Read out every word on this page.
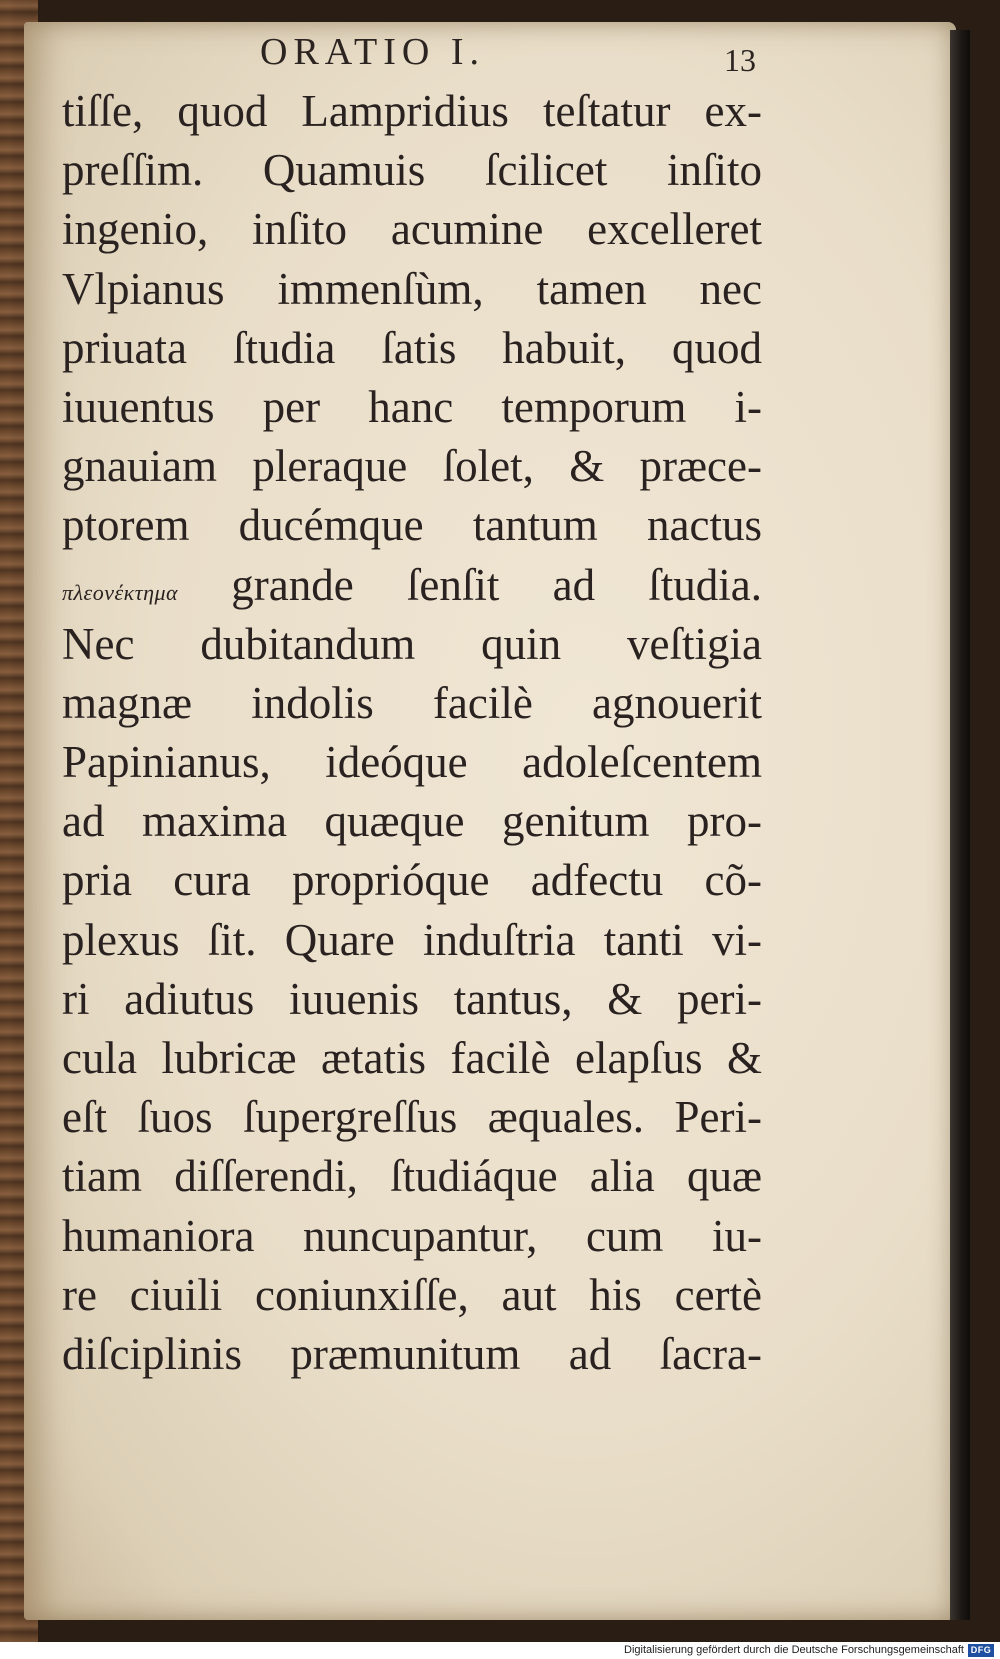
ORATIO I.	13
tiſſe, quod Lampridius teſtatur ex-
preſſim. Quamuis ſcilicet inſito
ingenio, inſito acumine excelleret
Vlpianus immenſùm, tamen nec
priuata ſtudia ſatis habuit, quod
iuuentus per hanc temporum i-
gnauiam pleraque ſolet, & præce-
ptorem ducémque tantum nactus
πλεονέκτημα grande ſenſit ad ſtudia.
Nec dubitandum quin veſtigia
magnæ indolis facilè agnouerit
Papinianus, ideóque adoleſcentem
ad maxima quæque genitum pro-
pria cura proprióque adfectu cõ-
plexus ſit. Quare induſtria tanti vi-
ri adiutus iuuenis tantus, & peri-
cula lubricæ ætatis facilè elapſus &
eſt ſuos ſupergreſſus æquales. Peri-
tiam diſſerendi, ſtudiáque alia quæ
humaniora nuncupantur, cum iu-
re ciuili coniunxiſſe, aut his certè
diſciplinis præmunitum ad ſacra-
Digitalisierung gefördert durch die Deutsche Forschungsgemeinschaft DFG
